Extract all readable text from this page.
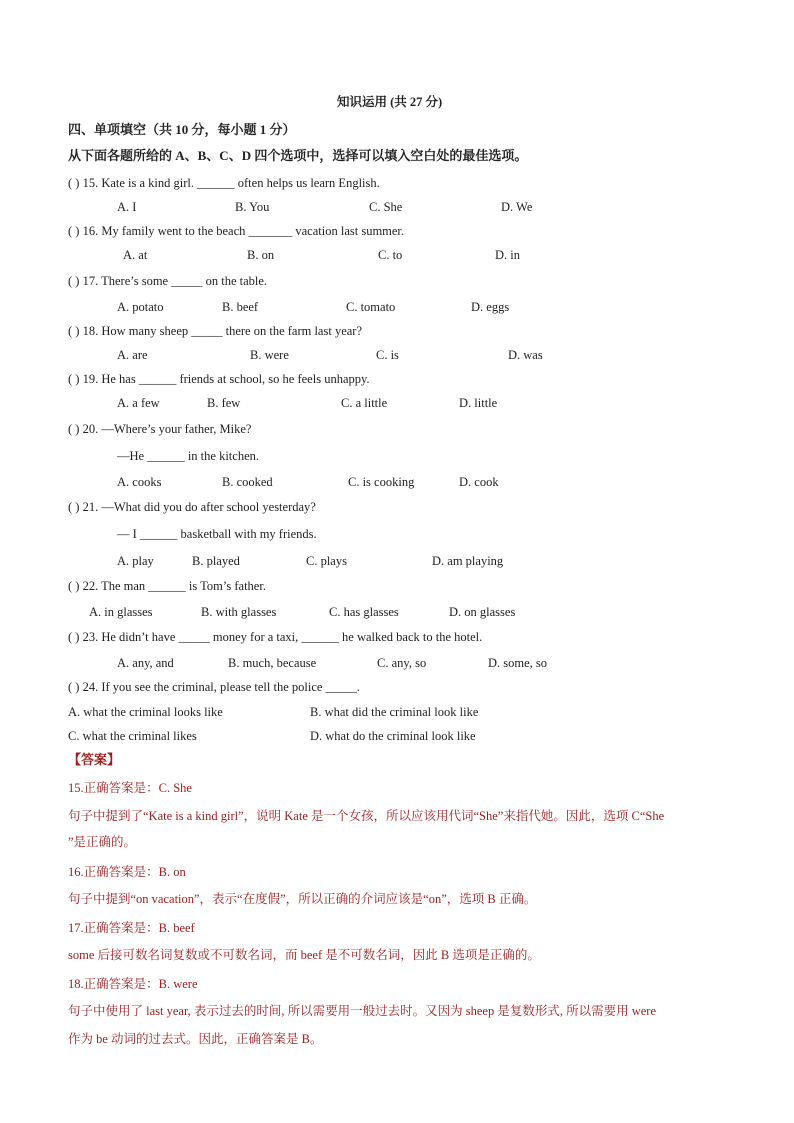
知识运用 (共 27 分)
四、单项填空（共 10 分，每小题 1 分）
从下面各题所给的 A、B、C、D 四个选项中，选择可以填入空白处的最佳选项。
( ) 15. Kate is a kind girl. ______ often helps us learn English.
A. I	B. You	C. She	D. We
( ) 16. My family went to the beach _______ vacation last summer.
A. at	B. on	C. to	D. in
( ) 17. There’s some _____ on the table.
A. potato	B. beef	C. tomato	D. eggs
( ) 18. How many sheep _____ there on the farm last year?
A. are	B. were	C. is	D. was
( ) 19. He has ______ friends at school, so he feels unhappy.
A. a few	B. few	C. a little	D. little
( ) 20. —Where’s your father, Mike?
—He ______ in the kitchen.
A. cooks	B. cooked	C. is cooking	D. cook
( ) 21. —What did you do after school yesterday?
— I ______ basketball with my friends.
A. play	B. played	C. plays	D. am playing
( ) 22. The man ______ is Tom’s father.
A. in glasses	B. with glasses	C. has glasses	D. on glasses
( ) 23. He didn’t have _____ money for a taxi, ______ he walked back to the hotel.
A. any, and	B. much, because	C. any, so	D. some, so
( ) 24. If you see the criminal, please tell the police _____.
A. what the criminal looks like	B. what did the criminal look like
C. what the criminal likes	D. what do the criminal look like
【答案】
15.正确答案是：C. She
句子中提到了“Kate is a kind girl”，说明 Kate 是一个女孩，所以应该用代词“She”来指代她。因此，选项 C“She
”是正确的。
16.正确答案是：B. on
句子中提到“on vacation”，表示“在度假”，所以正确的介词应该是“on”，选项 B 正确。
17.正确答案是：B. beef
some 后接可数名词复数或不可数名词，而 beef 是不可数名词，因此 B 选项是正确的。
18.正确答案是：B. were
句子中使用了 last year, 表示过去的时间, 所以需要用一般过去时。又因为 sheep 是复数形式, 所以需要用 were
作为 be 动词的过去式。因此，正确答案是 B。
